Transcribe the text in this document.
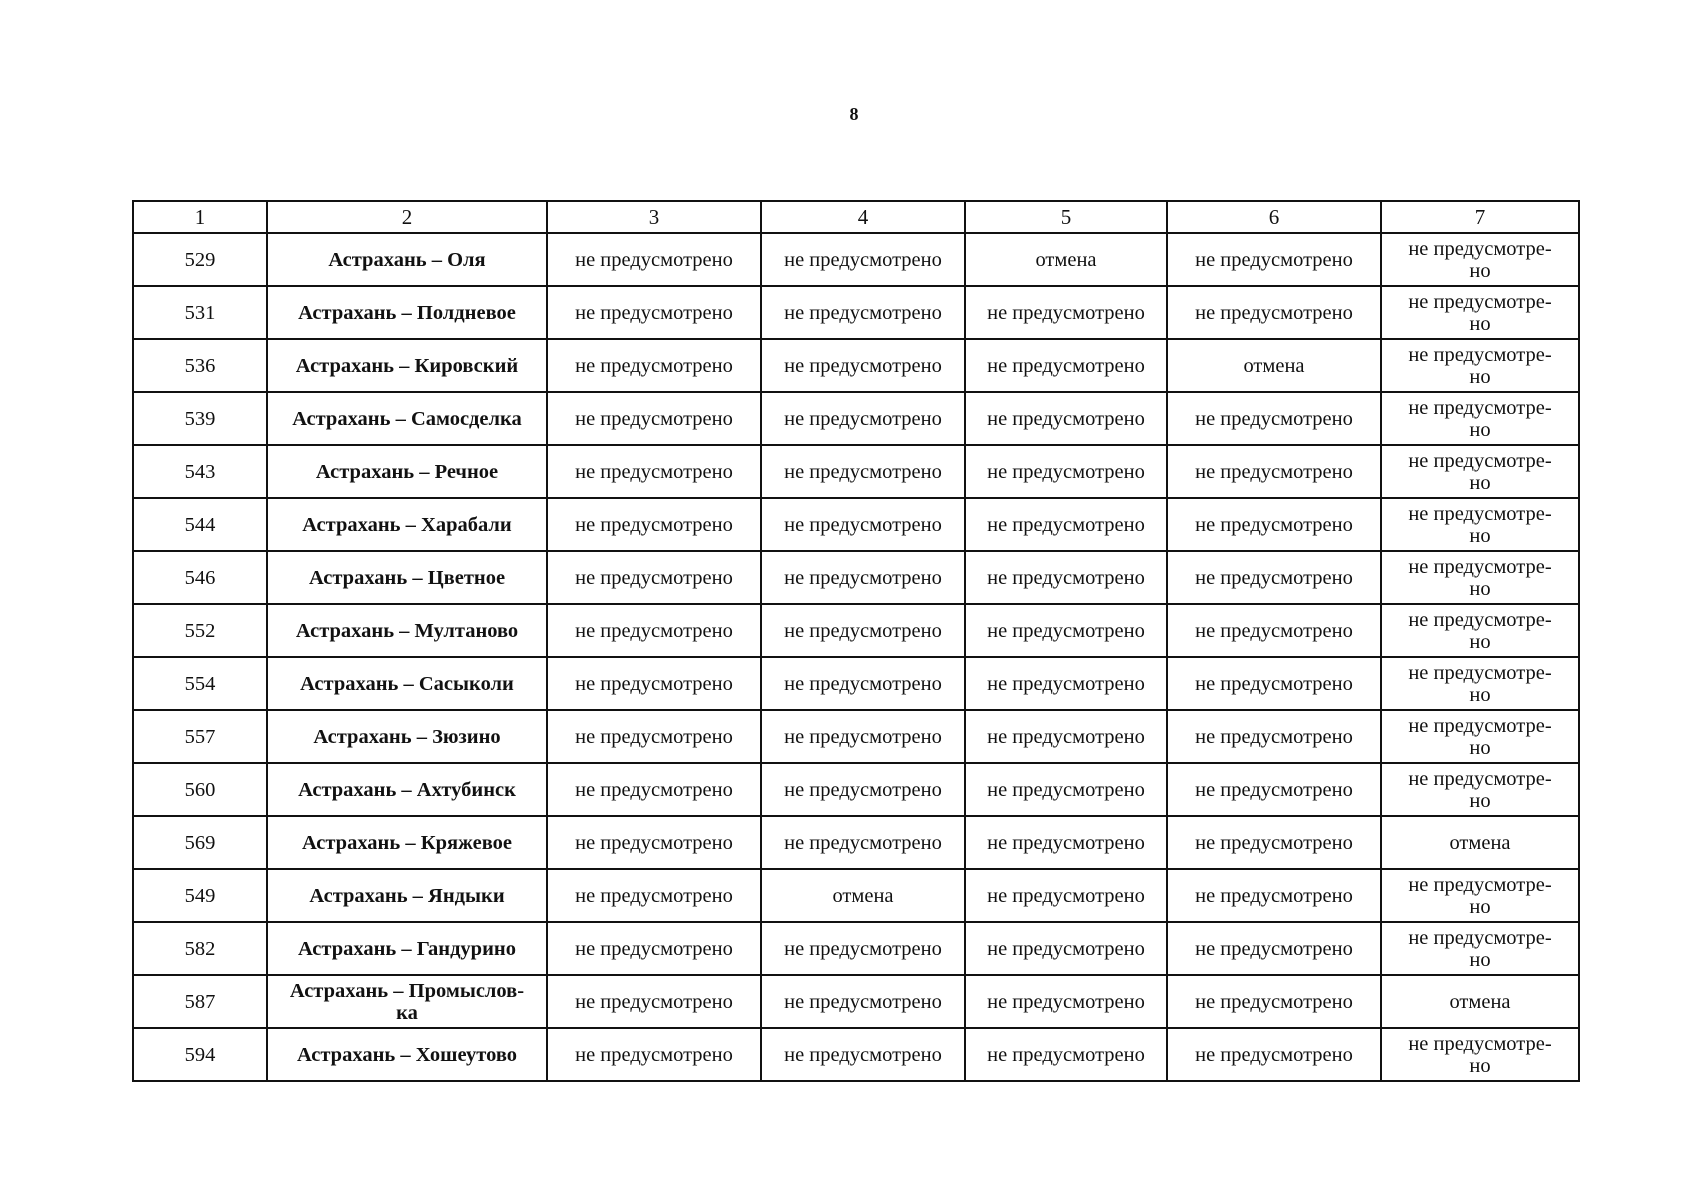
8
1	2	3	4	5	6	7
529	Астрахань – Оля	не предусмотрено	не предусмотрено	отмена	не предусмотрено	не предусмотре-
но
531	Астрахань – Полдневое	не предусмотрено	не предусмотрено	не предусмотрено	не предусмотрено	не предусмотре-
но
536	Астрахань – Кировский	не предусмотрено	не предусмотрено	не предусмотрено	отмена	не предусмотре-
но
539	Астрахань – Самосделка	не предусмотрено	не предусмотрено	не предусмотрено	не предусмотрено	не предусмотре-
но
543	Астрахань – Речное	не предусмотрено	не предусмотрено	не предусмотрено	не предусмотрено	не предусмотре-
но
544	Астрахань – Харабали	не предусмотрено	не предусмотрено	не предусмотрено	не предусмотрено	не предусмотре-
но
546	Астрахань – Цветное	не предусмотрено	не предусмотрено	не предусмотрено	не предусмотрено	не предусмотре-
но
552	Астрахань – Мултаново	не предусмотрено	не предусмотрено	не предусмотрено	не предусмотрено	не предусмотре-
но
554	Астрахань – Сасыколи	не предусмотрено	не предусмотрено	не предусмотрено	не предусмотрено	не предусмотре-
но
557	Астрахань – Зюзино	не предусмотрено	не предусмотрено	не предусмотрено	не предусмотрено	не предусмотре-
но
560	Астрахань – Ахтубинск	не предусмотрено	не предусмотрено	не предусмотрено	не предусмотрено	не предусмотре-
но
569	Астрахань – Кряжевое	не предусмотрено	не предусмотрено	не предусмотрено	не предусмотрено	отмена
549	Астрахань – Яндыки	не предусмотрено	отмена	не предусмотрено	не предусмотрено	не предусмотре-
но
582	Астрахань – Гандурино	не предусмотрено	не предусмотрено	не предусмотрено	не предусмотрено	не предусмотре-
но
587	Астрахань – Промыслов-
ка	не предусмотрено	не предусмотрено	не предусмотрено	не предусмотрено	отмена
594	Астрахань – Хошеутово	не предусмотрено	не предусмотрено	не предусмотрено	не предусмотрено	не предусмотре-
но
